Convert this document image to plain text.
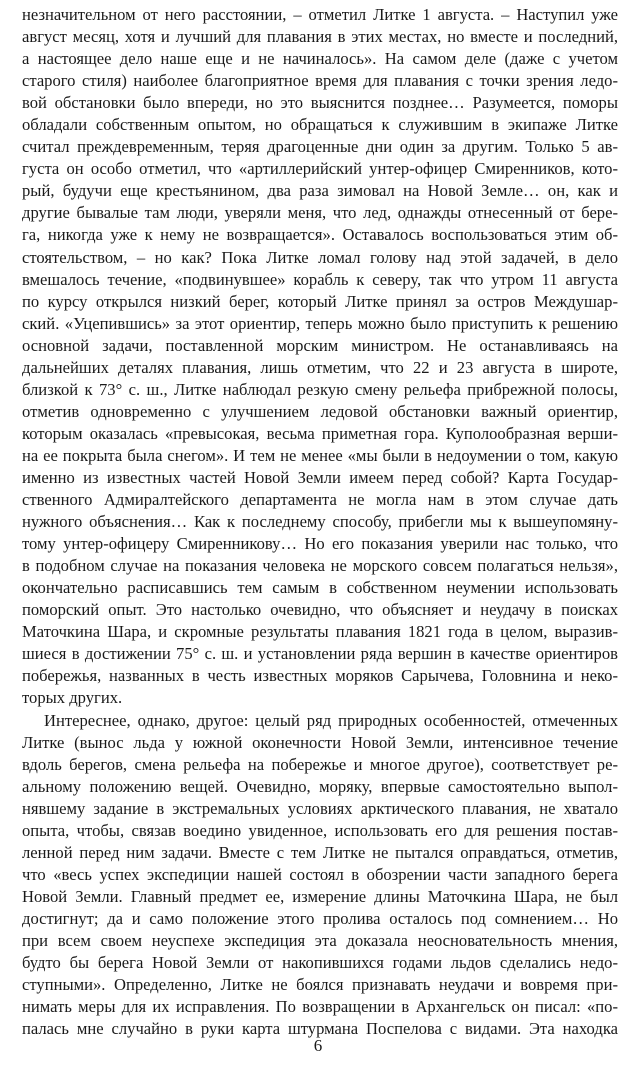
незначительном от него расстоянии, – отметил Литке 1 августа. – Наступил уже
август месяц, хотя и лучший для плавания в этих местах, но вместе и последний,
а настоящее дело наше еще и не начиналось». На самом деле (даже с учетом
старого стиля) наиболее благоприятное время для плавания с точки зрения ледо-
вой обстановки было впереди, но это выяснится позднее… Разумеется, поморы
обладали собственным опытом, но обращаться к служившим в экипаже Литке
считал преждевременным, теряя драгоценные дни один за другим. Только 5 ав-
густа он особо отметил, что «артиллерийский унтер-офицер Смиренников, кото-
рый, будучи еще крестьянином, два раза зимовал на Новой Земле… он, как и
другие бывалые там люди, уверяли меня, что лед, однажды отнесенный от бере-
га, никогда уже к нему не возвращается». Оставалось воспользоваться этим об-
стоятельством, – но как? Пока Литке ломал голову над этой задачей, в дело
вмешалось течение, «подвинувшее» корабль к северу, так что утром 11 августа
по курсу открылся низкий берег, который Литке принял за остров Междушар-
ский. «Уцепившись» за этот ориентир, теперь можно было приступить к решению
основной задачи, поставленной морским министром. Не останавливаясь на
дальнейших деталях плавания, лишь отметим, что 22 и 23 августа в широте,
близкой к 73° с. ш., Литке наблюдал резкую смену рельефа прибрежной полосы,
отметив одновременно с улучшением ледовой обстановки важный ориентир,
которым оказалась «превысокая, весьма приметная гора. Куполообразная верши-
на ее покрыта была снегом». И тем не менее «мы были в недоумении о том, какую
именно из известных частей Новой Земли имеем перед собой? Карта Государ-
ственного Адмиралтейского департамента не могла нам в этом случае дать
нужного объяснения… Как к последнему способу, прибегли мы к вышеупомяну-
тому унтер-офицеру Смиренникову… Но его показания уверили нас только, что
в подобном случае на показания человека не морского совсем полагаться нельзя»,
окончательно расписавшись тем самым в собственном неумении использовать
поморский опыт. Это настолько очевидно, что объясняет и неудачу в поисках
Маточкина Шара, и скромные результаты плавания 1821 года в целом, выразив-
шиеся в достижении 75° с. ш. и установлении ряда вершин в качестве ориентиров
побережья, названных в честь известных моряков Сарычева, Головнина и неко-
торых других.
Интереснее, однако, другое: целый ряд природных особенностей, отмеченных
Литке (вынос льда у южной оконечности Новой Земли, интенсивное течение
вдоль берегов, смена рельефа на побережье и многое другое), соответствует ре-
альному положению вещей. Очевидно, моряку, впервые самостоятельно выпол-
нявшему задание в экстремальных условиях арктического плавания, не хватало
опыта, чтобы, связав воедино увиденное, использовать его для решения постав-
ленной перед ним задачи. Вместе с тем Литке не пытался оправдаться, отметив,
что «весь успех экспедиции нашей состоял в обозрении части западного берега
Новой Земли. Главный предмет ее, измерение длины Маточкина Шара, не был
достигнут; да и само положение этого пролива осталось под сомнением… Но
при всем своем неуспехе экспедиция эта доказала неосновательность мнения,
будто бы берега Новой Земли от накопившихся годами льдов сделались недо-
ступными». Определенно, Литке не боялся признавать неудачи и вовремя при-
нимать меры для их исправления. По возвращении в Архангельск он писал: «по-
палась мне случайно в руки карта штурмана Поспелова с видами. Эта находка
6
